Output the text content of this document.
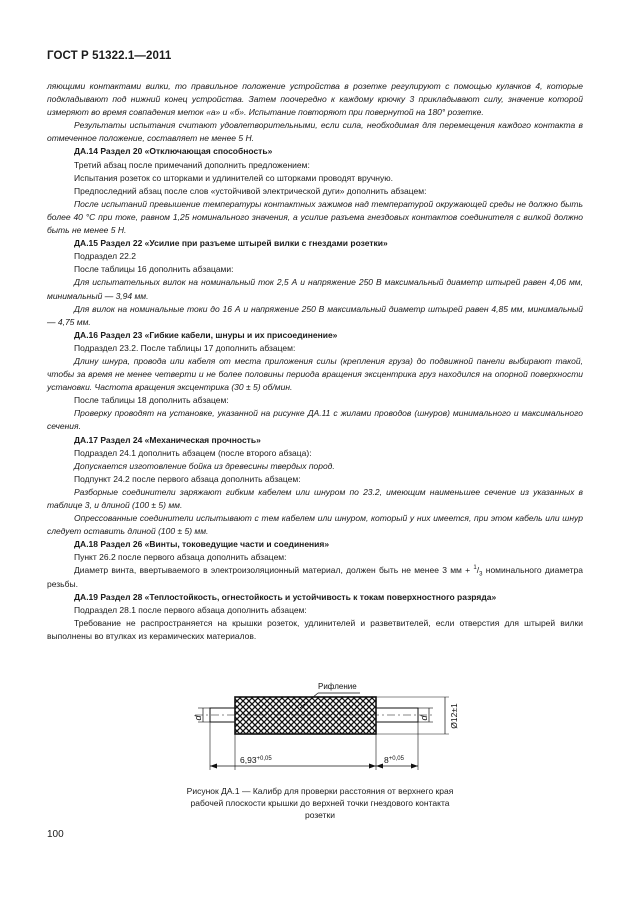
ГОСТ Р 51322.1—2011

ляющими контактами вилки, то правильное положение устройства в розетке регулируют с помощью кулачков 4, которые подкладывают под нижний конец устройства. Затем поочередно к каждому крючку 3 прикладывают силу, значение которой измеряют во время совпадения меток «а» и «б». Испытание повторяют при повернутой на 180° розетке.

Результаты испытания считают удовлетворительными, если сила, необходимая для перемещения каждого контакта в отмеченное положение, составляет не менее 5 Н.

ДА.14 Раздел 20 «Отключающая способность»

Третий абзац после примечаний дополнить предложением:

Испытания розеток со шторками и удлинителей со шторками проводят вручную.

Предпоследний абзац после слов «устойчивой электрической дуги» дополнить абзацем:

После испытаний превышение температуры контактных зажимов над температурой окружающей среды не должно быть более 40 °С при токе, равном 1,25 номинального значения, а усилие разъема гнездовых контактов соединителя с вилкой должно быть не менее 5 Н.

ДА.15 Раздел 22 «Усилие при разъеме штырей вилки с гнездами розетки»

Подраздел 22.2

После таблицы 16 дополнить абзацами:

Для испытательных вилок на номинальный ток 2,5 А и напряжение 250 В максимальный диаметр штырей равен 4,06 мм, минимальный — 3,94 мм.

Для вилок на номинальные токи до 16 А и напряжение 250 В максимальный диаметр штырей равен 4,85 мм, минимальный — 4,75 мм.

ДА.16 Раздел 23 «Гибкие кабели, шнуры и их присоединение»

Подраздел 23.2. После таблицы 17 дополнить абзацем:

Длину шнура, провода или кабеля от места приложения силы (крепления груза) до подвижной панели выбирают такой, чтобы за время не менее четверти и не более половины периода вращения эксцентрика груз находился на опорной поверхности установки. Частота вращения эксцентрика (30 ± 5) об/мин.

После таблицы 18 дополнить абзацем:

Проверку проводят на установке, указанной на рисунке ДА.11 с жилами проводов (шнуров) минимального и максимального сечения.

ДА.17 Раздел 24 «Механическая прочность»

Подраздел 24.1 дополнить абзацем (после второго абзаца):

Допускается изготовление бойка из древесины твердых пород.

Подпункт 24.2 после первого абзаца дополнить абзацем:

Разборные соединители заряжают гибким кабелем или шнуром по 23.2, имеющим наименьшее сечение из указанных в таблице 3, и длиной (100 ± 5) мм.

Опрессованные соединители испытывают с тем кабелем или шнуром, который у них имеется, при этом кабель или шнур следует оставить длиной (100 ± 5) мм.

ДА.18 Раздел 26 «Винты, токоведущие части и соединения»

Пункт 26.2 после первого абзаца дополнить абзацем:

Диаметр винта, ввертываемого в электроизоляционный материал, должен быть не менее 3 мм + $^1/_3$ номинального диаметра резьбы.

ДА.19 Раздел 28 «Теплостойкость, огнестойкость и устойчивость к токам поверхностного разряда»

Подраздел 28.1 после первого абзаца дополнить абзацем:

Требование не распространяется на крышки розеток, удлинителей и разветвителей, если отверстия для штырей вилки выполнены во втулках из керамических материалов.

Рифление
$6,93^{+0,05}$	$8^{+0,05}$
d	d Ø12±1
Рисунок ДА.1 — Калибр для проверки расстояния от верхнего края рабочей плоскости крышки до верхней точки гнездового контакта розетки
100
